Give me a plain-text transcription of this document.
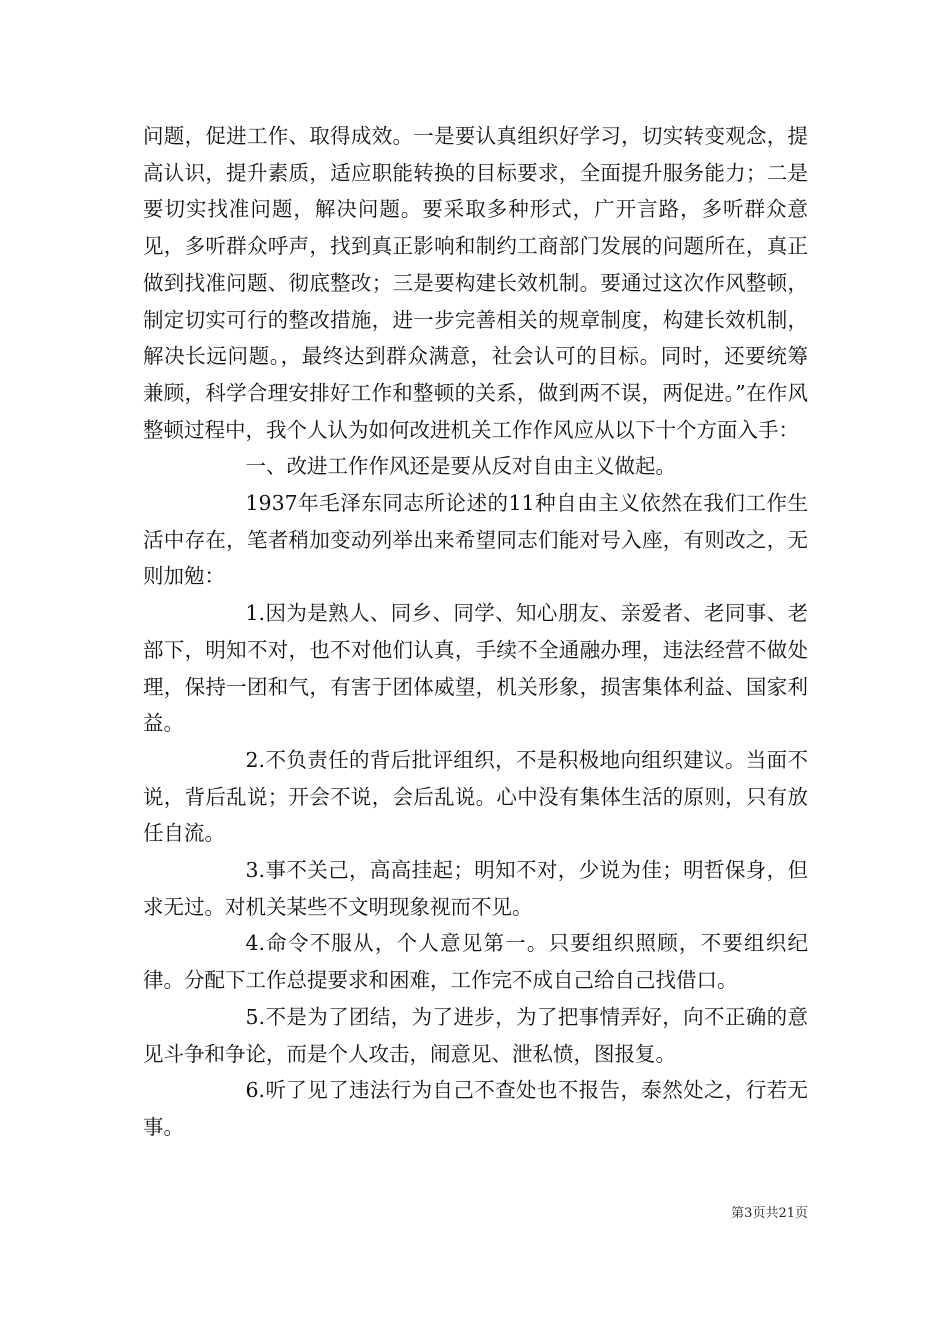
问题，促进工作、取得成效。一是要认真组织好学习，切实转变观念，提高认识，提升素质，适应职能转换的目标要求，全面提升服务能力；二是要切实找准问题，解决问题。要采取多种形式，广开言路，多听群众意见，多听群众呼声，找到真正影响和制约工商部门发展的问题所在，真正做到找准问题、彻底整改；三是要构建长效机制。要通过这次作风整顿，制定切实可行的整改措施，进一步完善相关的规章制度，构建长效机制，解决长远问题。，最终达到群众满意，社会认可的目标。同时，还要统筹兼顾，科学合理安排好工作和整顿的关系，做到两不误，两促进。”在作风整顿过程中，我个人认为如何改进机关工作作风应从以下十个方面入手：

一、改进工作作风还是要从反对自由主义做起。

1937年毛泽东同志所论述的11种自由主义依然在我们工作生活中存在，笔者稍加变动列举出来希望同志们能对号入座，有则改之，无则加勉：

1.因为是熟人、同乡、同学、知心朋友、亲爱者、老同事、老部下，明知不对，也不对他们认真，手续不全通融办理，违法经营不做处理，保持一团和气，有害于团体威望，机关形象，损害集体利益、国家利益。

2.不负责任的背后批评组织，不是积极地向组织建议。当面不说，背后乱说；开会不说，会后乱说。心中没有集体生活的原则，只有放任自流。

3.事不关己，高高挂起；明知不对，少说为佳；明哲保身，但求无过。对机关某些不文明现象视而不见。

4.命令不服从，个人意见第一。只要组织照顾，不要组织纪律。分配下工作总提要求和困难，工作完不成自己给自己找借口。

5.不是为了团结，为了进步，为了把事情弄好，向不正确的意见斗争和争论，而是个人攻击，闹意见、泄私愤，图报复。

6.听了见了违法行为自己不查处也不报告，泰然处之，行若无事。

第3页共21页
